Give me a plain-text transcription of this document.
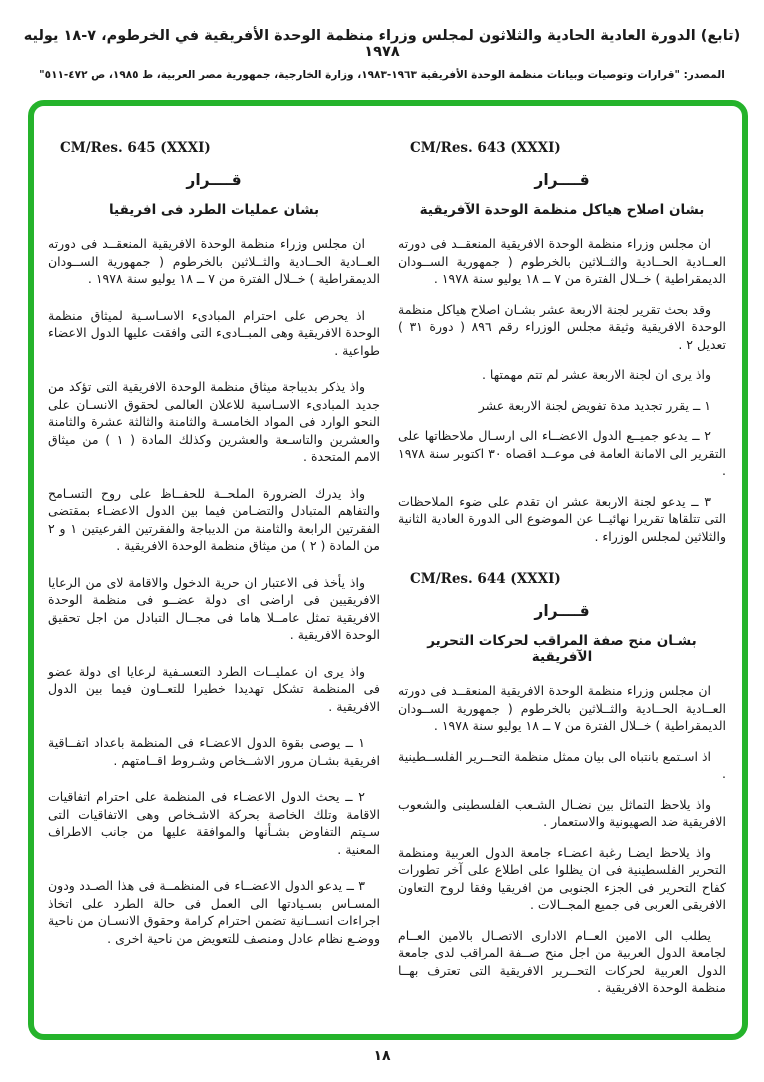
(تابع) الدورة العادية الحادية والثلاثون لمجلس وزراء منظمة الوحدة الأفريقية في الخرطوم، ٧-١٨ يوليه ١٩٧٨
المصدر: "قرارات وتوصيات وبيانات منظمة الوحدة الأفريقية ١٩٦٣-١٩٨٣، وزارة الخارجية، جمهورية مصر العربية، ط ١٩٨٥، ص ٤٧٢-٥١١"
CM/Res. 643 (XXXI)
قــــرار
بشان اصلاح هياكل منظمة الوحدة الآفريقية

ان مجلس وزراء منظمة الوحدة الافريقية المنعقــد فى دورته العــادية الحــادية والثــلاثين بالخرطوم ( جمهورية الســودان الديمقراطية ) خــلال الفترة من ٧ ــ ١٨ يوليو سنة ١٩٧٨ .

وقد بحث تقرير لجنة الاربعة عشر بشـان اصلاح هياكل منظمة الوحدة الافريقية وثيقة مجلس الوزراء رقم ٨٩٦ ( دورة ٣١ ) تعديل ٢ .

واذ يرى ان لجنة الاربعة عشر لم تتم مهمتها .

١ ــ يقرر تجديد مدة تفويض لجنة الاربعة عشر

٢ ــ يدعو جميــع الدول الاعضــاء الى ارسـال ملاحظاتها على التقرير الى الامانة العامة فى موعــد اقصاه ٣٠ اكتوبر سنة ١٩٧٨ .

٣ ــ يدعو لجنة الاربعة عشر ان تقدم على ضوء الملاحظات التى تتلقاها تقريرا نهائيــا عن الموضوع الى الدورة العادية الثانية والثلاثين لمجلس الوزراء .

CM/Res. 644 (XXXI)
قــــرار
بشـان منح صفة المراقب لحركات التحرير الآفريقية

ان مجلس وزراء منظمة الوحدة الافريقية المنعقــد فى دورته العــادية الحــادية والثــلاثين بالخرطوم ( جمهورية الســودان الديمقراطية ) خــلال الفترة من ٧ ــ ١٨ يوليو سنة ١٩٧٨ .

اذ اسـتمع بانتباه الى بيان ممثل منظمة التحــرير الفلســطينية .

واذ يلاحظ التماثل بين نضـال الشـعب الفلسطينى والشعوب الافريقية ضد الصهيونية والاستعمار .

واذ يلاحظ ايضـا رغبة اعضـاء جامعة الدول العربية ومنظمة التحرير الفلسطينية فى ان يظلوا على اطلاع على آخر تطورات كفاح التحرير فى الجزء الجنوبى من افريقيا وفقا لروح التعاون الافريقى العربى فى جميع المجــالات .

يطلب الى الامين العــام الادارى الاتصـال بالامين العــام لجامعة الدول العربية من اجل منح صــفة المراقب لدى جامعة الدول العربية لحركات التحــرير الافريقية التى تعترف بهــا منظمة الوحدة الافريقية .

CM/Res. 645 (XXXI)
قــــرار
بشان عمليات الطرد فى افريقيا

ان مجلس وزراء منظمة الوحدة الافريقية المنعقــد فى دورته العــادية الحــادية والثــلاثين بالخرطوم ( جمهورية الســودان الديمقراطية ) خــلال الفترة من ٧ ــ ١٨ يوليو سنة ١٩٧٨ .

اذ يحرص على احترام المبادىء الاسـاسـية لميثاق منظمة الوحدة الافريقية وهى المبــادىء التى وافقت عليها الدول الاعضاء طواعية .

واذ يذكر بديباجة ميثاق منظمة الوحدة الافريقية التى تؤكد من جديد المبادىء الاسـاسية للاعلان العالمى لحقوق الانسـان على النحو الوارد فى المواد الخامسـة والثامنة والثالثة عشرة والثامنة والعشرين والتاسـعة والعشرين وكذلك المادة ( ١ ) من ميثاق الامم المتحدة .

واذ يدرك الضرورة الملحــة للحفــاظ على روح التسـامح والتفاهم المتبادل والتضـامن فيما بين الدول الاعضـاء بمقتضى الفقرتين الرابعة والثامنة من الديباجة والفقرتين الفرعيتين ١ و ٢ من المادة ( ٢ ) من ميثاق منظمة الوحدة الافريقية .

واذ يأخذ فى الاعتبار ان حرية الدخول والاقامة لاى من الرعايا الافريقيين فى اراضى اى دولة عضــو فى منظمة الوحدة الافريقية تمثل عامــلا هاما فى مجــال التبادل من اجل تحقيق الوحدة الافريقية .

واذ يرى ان عمليــات الطرد التعسـفية لرعايا اى دولة عضو فى المنظمة تشكل تهديدا خطيرا للتعــاون فيما بين الدول الافريقية .

١ ــ يوصى بقوة الدول الاعضـاء فى المنظمة باعداد اتفــاقية افريقية بشـان مرور الاشــخاص وشـروط اقــامتهم .

٢ ــ يحث الدول الاعضـاء فى المنظمة على احترام اتفاقيات الاقامة وتلك الخاصة بحركة الاشـخاص وهى الاتفاقيات التى سـيتم التفاوض بشـأنها والموافقة عليها من جانب الاطراف المعنية .

٣ ــ يدعو الدول الاعضــاء فى المنظمــة فى هذا الصـدد ودون المسـاس بسـيادتها الى العمل فى حالة الطرد على اتخاذ اجراءات انســانية تضمن احترام كرامة وحقوق الانسـان من ناحية ووضـع نظام عادل ومنصف للتعويض من ناحية اخرى .

١٨
